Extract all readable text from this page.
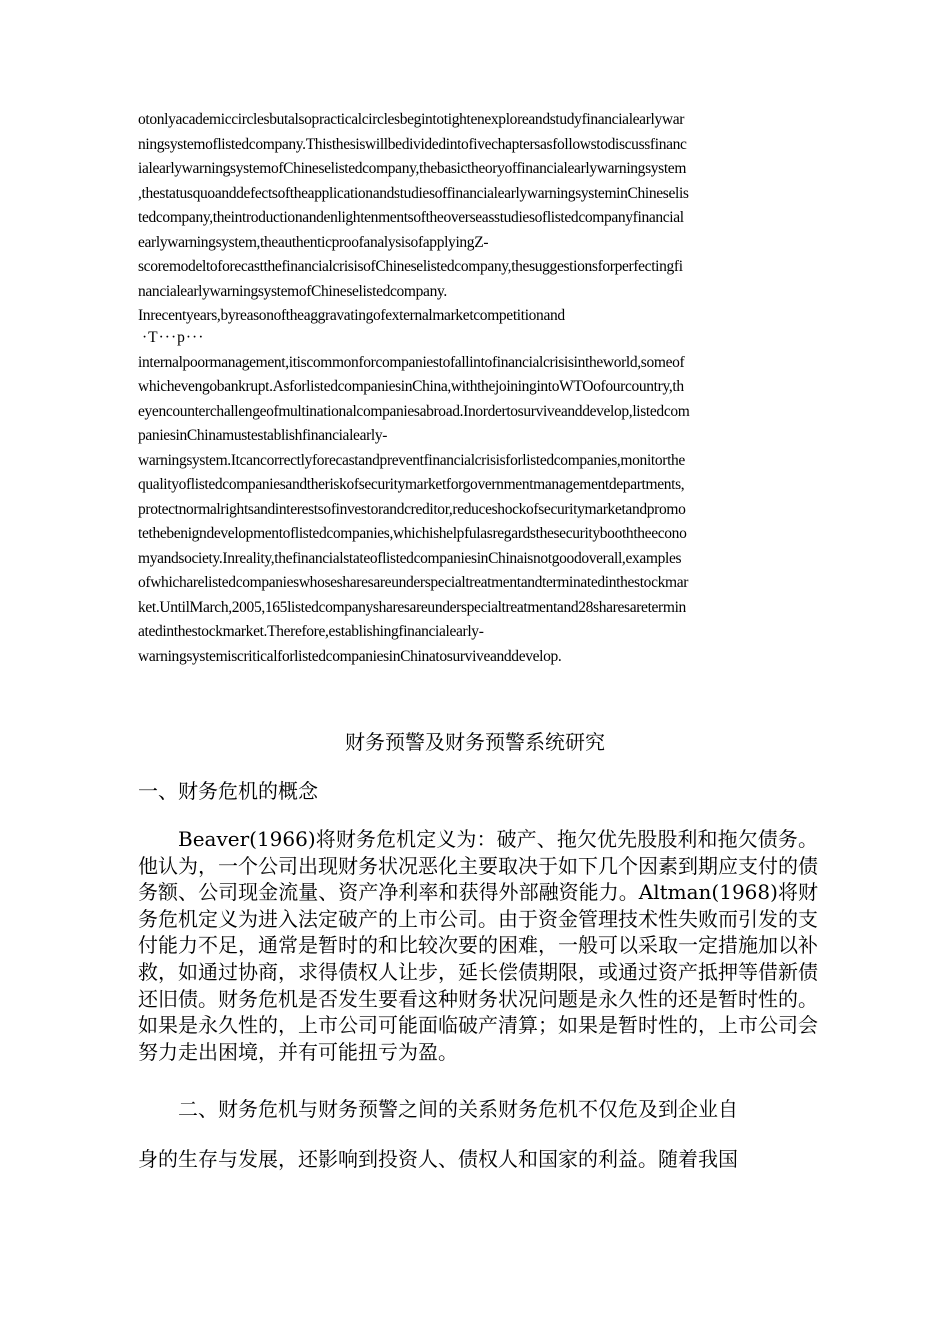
otonlyacademiccirclesbutalsopracticalcirclesbegintotightenexploreandstudyfinancialearlywar
ningsystemoflistedcompany.Thisthesiswillbedividedintofivechaptersasfollowstodiscussfinanc
ialearlywarningsystemofChineselistedcompany,thebasictheoryoffinancialearlywarningsystem
,thestatusquoanddefectsoftheapplicationandstudiesoffinancialearlywarningsysteminChineselis
tedcompany,theintroductionandenlightenmentsoftheoverseasstudiesoflistedcompanyfinancial
earlywarningsystem,theauthenticproofanalysisofapplyingZ-
scoremodeltoforecastthefinancialcrisisofChineselistedcompany,thesuggestionsforperfectingfi
nancialearlywarningsystemofChineselistedcompany.
Inrecentyears,byreasonoftheaggravatingofexternalmarketcompetitionand
·T···p···
internalpoormanagement,itiscommonforcompaniestofallintofinancialcrisisintheworld,someof
whichevengobankrupt.AsforlistedcompaniesinChina,withthejoiningintoWTOofourcountry,th
eyencounterchallengeofmultinationalcompaniesabroad.Inordertosurviveanddevelop,listedcom
paniesinChinamustestablishfinancialearly-
warningsystem.Itcancorrectlyforecastandpreventfinancialcrisisforlistedcompanies,monitorthe
qualityoflistedcompaniesandtheriskofsecuritymarketforgovernmentmanagementdepartments,
protectnormalrightsandinterestsofinvestorandcreditor,reduceshockofsecuritymarketandpromo
tethebenigndevelopmentoflistedcompanies,whichishelpfulasregardsthesecuritybooththeecono
myandsociety.Inreality,thefinancialstateoflistedcompaniesinChinaisnotgoodoverall,examples
ofwhicharelistedcompanieswhosesharesareunderspecialtreatmentandterminatedinthestockmar
ket.UntilMarch,2005,165listedcompanysharesareunderspecialtreatmentand28sharesaretermin
atedinthestockmarket.Therefore,establishingfinancialearly-
warningsystemiscriticalforlistedcompaniesinChinatosurviveanddevelop.
财务预警及财务预警系统研究
一、财务危机的概念

Beaver(1966)将财务危机定义为：破产、拖欠优先股股利和拖欠债务。他认为，一个公司出现财务状况恶化主要取决于如下几个因素到期应支付的债务额、公司现金流量、资产净利率和获得外部融资能力。Altman(1968)将财务危机定义为进入法定破产的上市公司。由于资金管理技术性失败而引发的支付能力不足，通常是暂时的和比较次要的困难，一般可以采取一定措施加以补救，如通过协商，求得债权人让步，延长偿债期限，或通过资产抵押等借新债还旧债。财务危机是否发生要看这种财务状况问题是永久性的还是暂时性的。如果是永久性的，上市公司可能面临破产清算；如果是暂时性的，上市公司会努力走出困境，并有可能扭亏为盈。

二、财务危机与财务预警之间的关系财务危机不仅危及到企业自
身的生存与发展，还影响到投资人、债权人和国家的利益。随着我国
